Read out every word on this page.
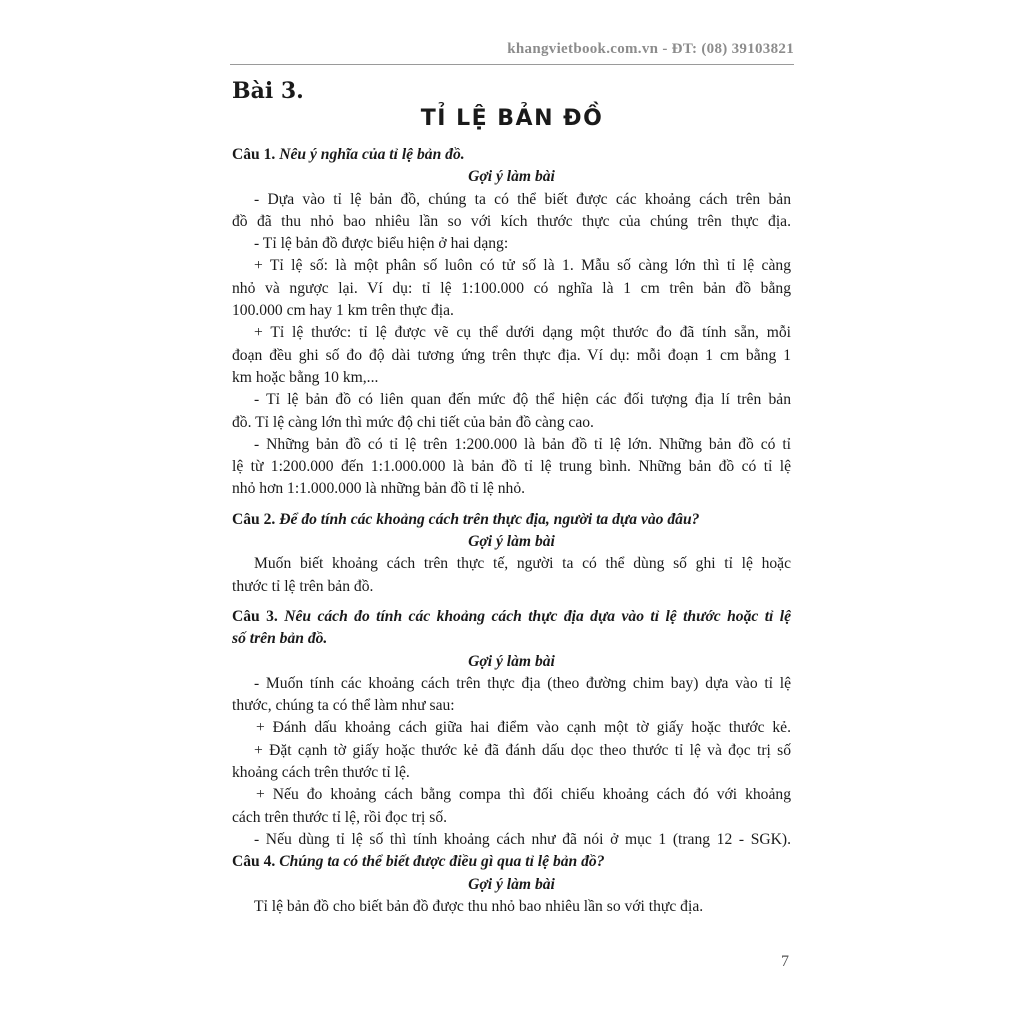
khangvietbook.com.vn - ĐT: (08) 39103821
Bài 3.
TỈ LỆ BẢN ĐỒ
Câu 1. Nêu ý nghĩa của tỉ lệ bản đồ.
Gợi ý làm bài
- Dựa vào tỉ lệ bản đồ, chúng ta có thể biết được các khoảng cách trên bản
đồ đã thu nhỏ bao nhiêu lần so với kích thước thực của chúng trên thực địa.
- Tỉ lệ bản đồ được biểu hiện ở hai dạng:
+ Tỉ lệ số: là một phân số luôn có tử số là 1. Mẫu số càng lớn thì tỉ lệ càng
nhỏ và ngược lại. Ví dụ: tỉ lệ 1:100.000 có nghĩa là 1 cm trên bản đồ bằng
100.000 cm hay 1 km trên thực địa.
+ Tỉ lệ thước: tỉ lệ được vẽ cụ thể dưới dạng một thước đo đã tính sẵn, mỗi
đoạn đều ghi số đo độ dài tương ứng trên thực địa. Ví dụ: mỗi đoạn 1 cm bằng 1
km hoặc bằng 10 km,...
- Tỉ lệ bản đồ có liên quan đến mức độ thể hiện các đối tượng địa lí trên bản
đồ. Tỉ lệ càng lớn thì mức độ chi tiết của bản đồ càng cao.
- Những bản đồ có tỉ lệ trên 1:200.000 là bản đồ tỉ lệ lớn. Những bản đồ có tỉ
lệ từ 1:200.000 đến 1:1.000.000 là bản đồ tỉ lệ trung bình. Những bản đồ có tỉ lệ
nhỏ hơn 1:1.000.000 là những bản đồ tỉ lệ nhỏ.
Câu 2. Để đo tính các khoảng cách trên thực địa, người ta dựa vào đâu?
Gợi ý làm bài
Muốn biết khoảng cách trên thực tế, người ta có thể dùng số ghi tỉ lệ hoặc
thước tỉ lệ trên bản đồ.
Câu 3. Nêu cách đo tính các khoảng cách thực địa dựa vào tỉ lệ thước hoặc tỉ lệ
số trên bản đồ.
Gợi ý làm bài
- Muốn tính các khoảng cách trên thực địa (theo đường chim bay) dựa vào tỉ lệ
thước, chúng ta có thể làm như sau:
+ Đánh dấu khoảng cách giữa hai điểm vào cạnh một tờ giấy hoặc thước kẻ.
+ Đặt cạnh tờ giấy hoặc thước kẻ đã đánh dấu dọc theo thước tỉ lệ và đọc trị số
khoảng cách trên thước tỉ lệ.
+ Nếu đo khoảng cách bằng compa thì đối chiếu khoảng cách đó với khoảng
cách trên thước tỉ lệ, rồi đọc trị số.
- Nếu dùng tỉ lệ số thì tính khoảng cách như đã nói ở mục 1 (trang 12 - SGK).
Câu 4. Chúng ta có thể biết được điều gì qua tỉ lệ bản đồ?
Gợi ý làm bài
Tỉ lệ bản đồ cho biết bản đồ được thu nhỏ bao nhiêu lần so với thực địa.
7
